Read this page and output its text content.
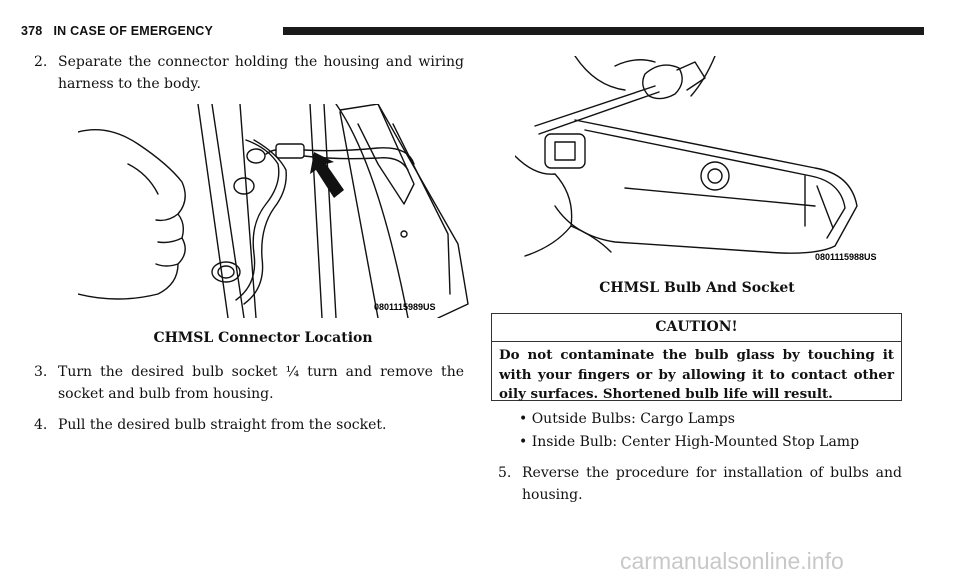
378 IN CASE OF EMERGENCY
2. Separate the connector holding the housing and wiring harness to the body.
0801115989US
CHMSL Connector Location
3. Turn the desired bulb socket ¼ turn and remove the socket and bulb from housing.
4. Pull the desired bulb straight from the socket.
0801115988US
CHMSL Bulb And Socket
CAUTION!
Do not contaminate the bulb glass by touching it with your fingers or by allowing it to contact other oily surfaces. Shortened bulb life will result.
• Outside Bulbs: Cargo Lamps
• Inside Bulb: Center High-Mounted Stop Lamp
5. Reverse the procedure for installation of bulbs and housing.
carmanualsonline.info
